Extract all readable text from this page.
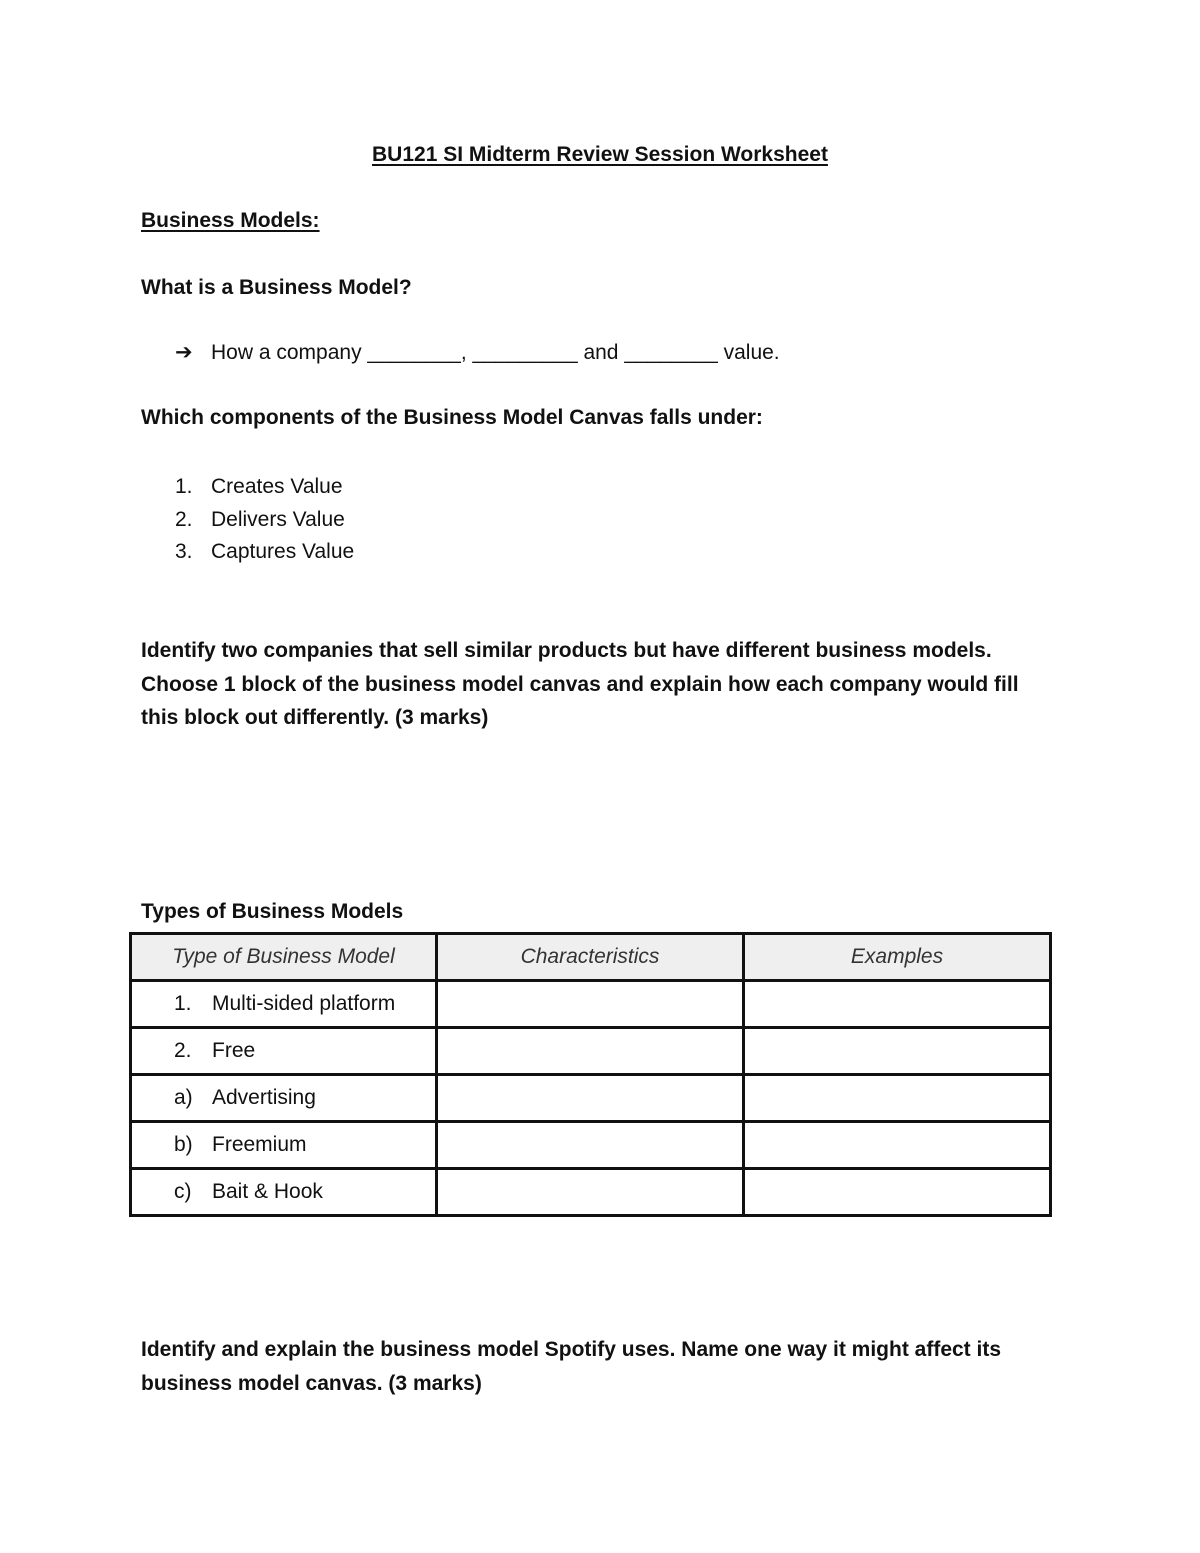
BU121 SI Midterm Review Session Worksheet
Business Models:
What is a Business Model?
➔ How a company ________, _________ and ________ value.
Which components of the Business Model Canvas falls under:
1. Creates Value
2. Delivers Value
3. Captures Value
Identify two companies that sell similar products but have different business models. Choose 1 block of the business model canvas and explain how each company would fill this block out differently. (3 marks)
Types of Business Models
Type of Business Model	Characteristics	Examples
1. Multi-sided platform		
2. Free		
a) Advertising		
b) Freemium		
c) Bait & Hook		
Identify and explain the business model Spotify uses. Name one way it might affect its business model canvas. (3 marks)
